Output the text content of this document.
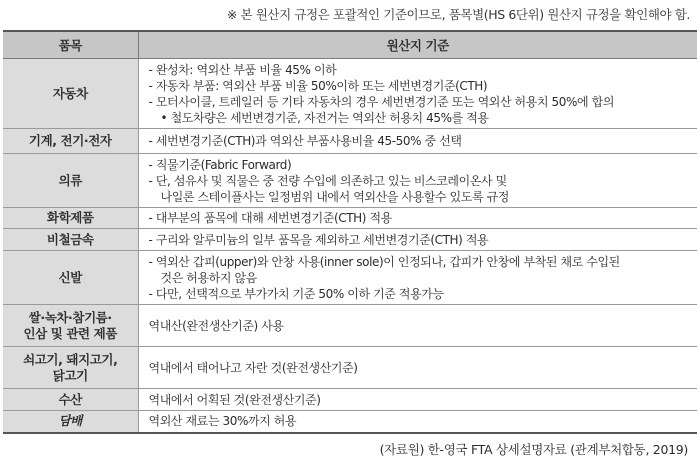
※ 본 원산지 규정은 포괄적인 기준이므로, 품목별(HS 6단위) 원산지 규정을 확인해야 함.
품목	원산지 기준
자동차	- 완성차: 역외산 부품 비율 45% 이하
- 자동차 부품: 역외산 부품 비율 50%이하 또는 세번변경기준(CTH)
- 모터사이클, 트레일러 등 기타 자동차의 경우 세번변경기준 또는 역외산 허용치 50%에 합의
• 철도차량은 세번변경기준, 자전거는 역외산 허용치 45%를 적용

기계, 전기·전자	- 세번변경기준(CTH)과 역외산 부품사용비율 45-50% 중 선택

의류	- 직물기준(Fabric Forward)
- 단, 섬유사 및 직물은 중 전량 수입에 의존하고 있는 비스코레이온사 및
나일론 스테이플사는 일정범위 내에서 역외산을 사용할수 있도록 규정

화학제품	- 대부분의 품목에 대해 세번변경기준(CTH) 적용

비철금속	- 구리와 알루미늄의 일부 품목을 제외하고 세번변경기준(CTH) 적용

신발	- 역외산 갑피(upper)와 안창 사용(inner sole)이 인정되나, 갑피가 안창에 부착된 채로 수입된
것은 허용하지 않음
- 다만, 선택적으로 부가가치 기준 50% 이하 기준 적용가능

쌀·녹차·참기름·
인삼 및 관련 제품	역내산(완전생산기준) 사용

쇠고기, 돼지고기,
닭고기	역내에서 태어나고 자란 것(완전생산기준)

수산	역내에서 어획된 것(완전생산기준)

담배	역외산 재료는 30%까지 허용
(자료원) 한-영국 FTA 상세설명자료 (관계부처합동, 2019)
